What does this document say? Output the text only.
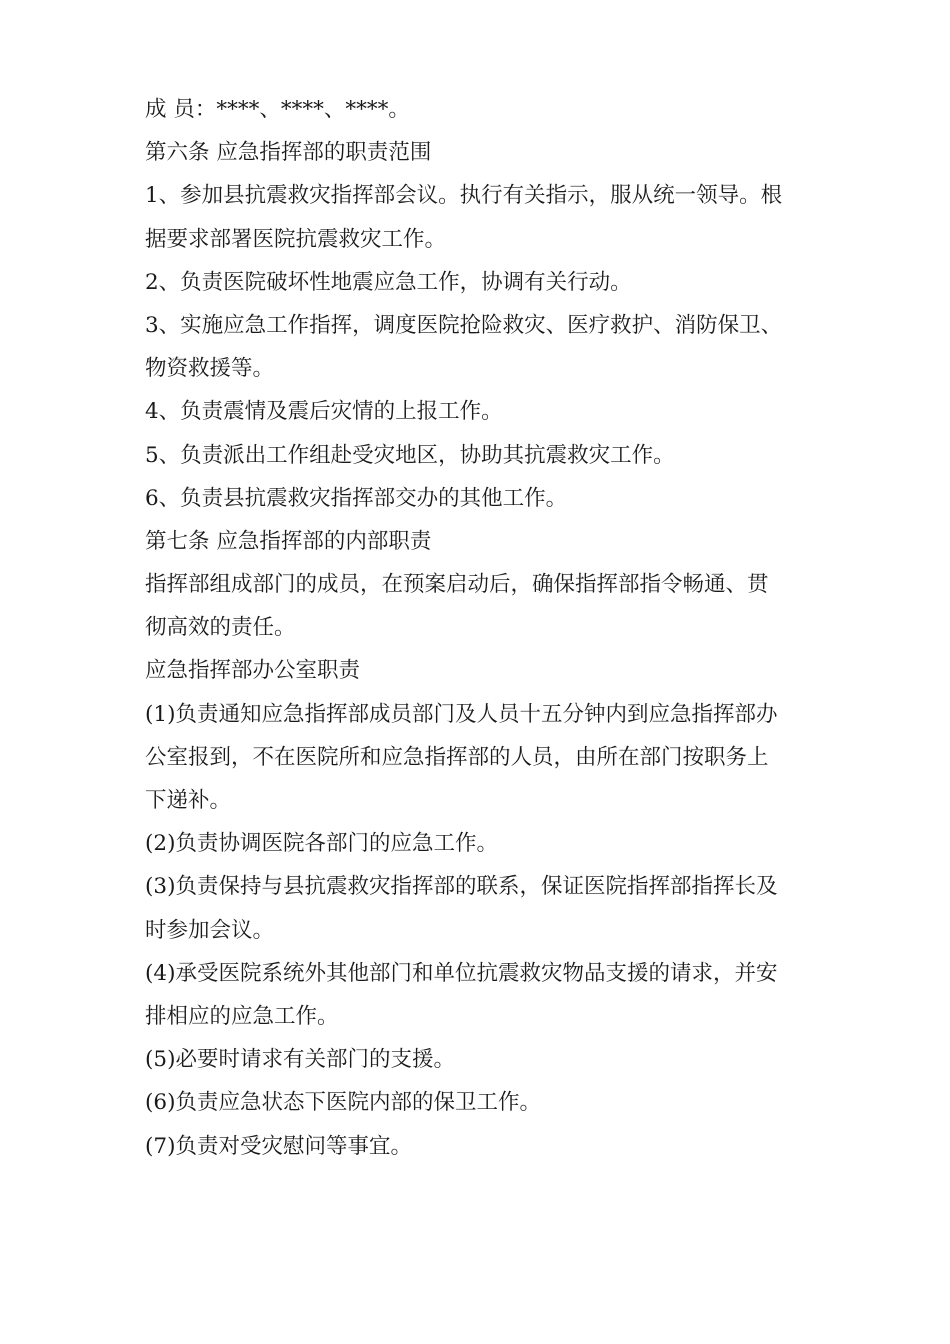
成 员：****、****、****。
第六条 应急指挥部的职责范围
1、参加县抗震救灾指挥部会议。执行有关指示，服从统一领导。根
据要求部署医院抗震救灾工作。
2、负责医院破坏性地震应急工作，协调有关行动。
3、实施应急工作指挥，调度医院抢险救灾、医疗救护、消防保卫、
物资救援等。
4、负责震情及震后灾情的上报工作。
5、负责派出工作组赴受灾地区，协助其抗震救灾工作。
6、负责县抗震救灾指挥部交办的其他工作。
第七条 应急指挥部的内部职责
指挥部组成部门的成员，在预案启动后，确保指挥部指令畅通、贯
彻高效的责任。
应急指挥部办公室职责
(1)负责通知应急指挥部成员部门及人员十五分钟内到应急指挥部办
公室报到，不在医院所和应急指挥部的人员，由所在部门按职务上
下递补。
(2)负责协调医院各部门的应急工作。
(3)负责保持与县抗震救灾指挥部的联系，保证医院指挥部指挥长及
时参加会议。
(4)承受医院系统外其他部门和单位抗震救灾物品支援的请求，并安
排相应的应急工作。
(5)必要时请求有关部门的支援。
(6)负责应急状态下医院内部的保卫工作。
(7)负责对受灾慰问等事宜。
